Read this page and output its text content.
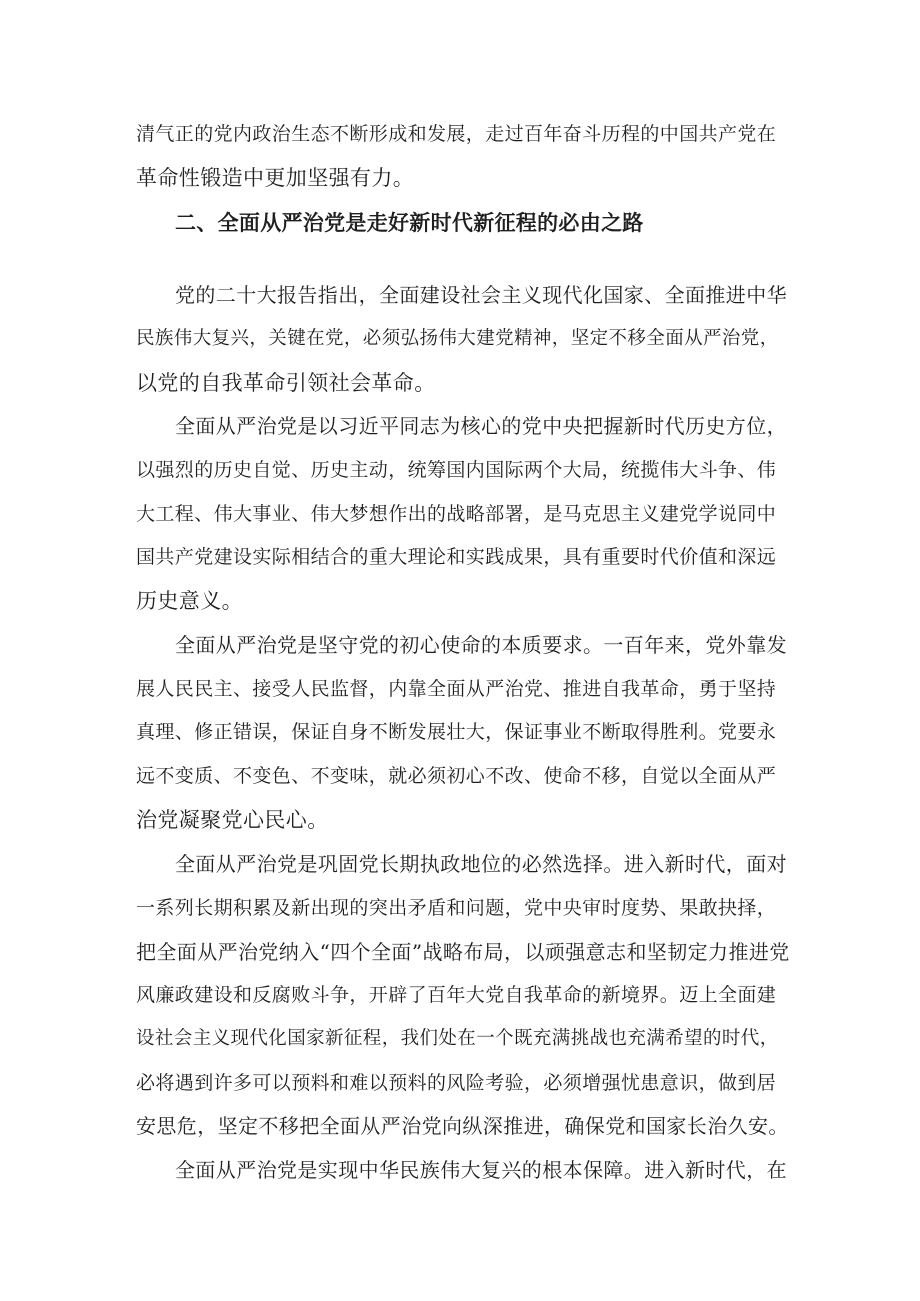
清气正的党内政治生态不断形成和发展，走过百年奋斗历程的中国共产党在
革命性锻造中更加坚强有力。
二、全面从严治党是走好新时代新征程的必由之路
党的二十大报告指出，全面建设社会主义现代化国家、全面推进中华
民族伟大复兴，关键在党，必须弘扬伟大建党精神，坚定不移全面从严治党，
以党的自我革命引领社会革命。
全面从严治党是以习近平同志为核心的党中央把握新时代历史方位，
以强烈的历史自觉、历史主动，统筹国内国际两个大局，统揽伟大斗争、伟
大工程、伟大事业、伟大梦想作出的战略部署，是马克思主义建党学说同中
国共产党建设实际相结合的重大理论和实践成果，具有重要时代价值和深远
历史意义。
全面从严治党是坚守党的初心使命的本质要求。一百年来，党外靠发
展人民民主、接受人民监督，内靠全面从严治党、推进自我革命，勇于坚持
真理、修正错误，保证自身不断发展壮大，保证事业不断取得胜利。党要永
远不变质、不变色、不变味，就必须初心不改、使命不移，自觉以全面从严
治党凝聚党心民心。
全面从严治党是巩固党长期执政地位的必然选择。进入新时代，面对
一系列长期积累及新出现的突出矛盾和问题，党中央审时度势、果敢抉择，
把全面从严治党纳入“四个全面”战略布局，以顽强意志和坚韧定力推进党
风廉政建设和反腐败斗争，开辟了百年大党自我革命的新境界。迈上全面建
设社会主义现代化国家新征程，我们处在一个既充满挑战也充满希望的时代，
必将遇到许多可以预料和难以预料的风险考验，必须增强忧患意识，做到居
安思危，坚定不移把全面从严治党向纵深推进，确保党和国家长治久安。
全面从严治党是实现中华民族伟大复兴的根本保障。进入新时代，在
